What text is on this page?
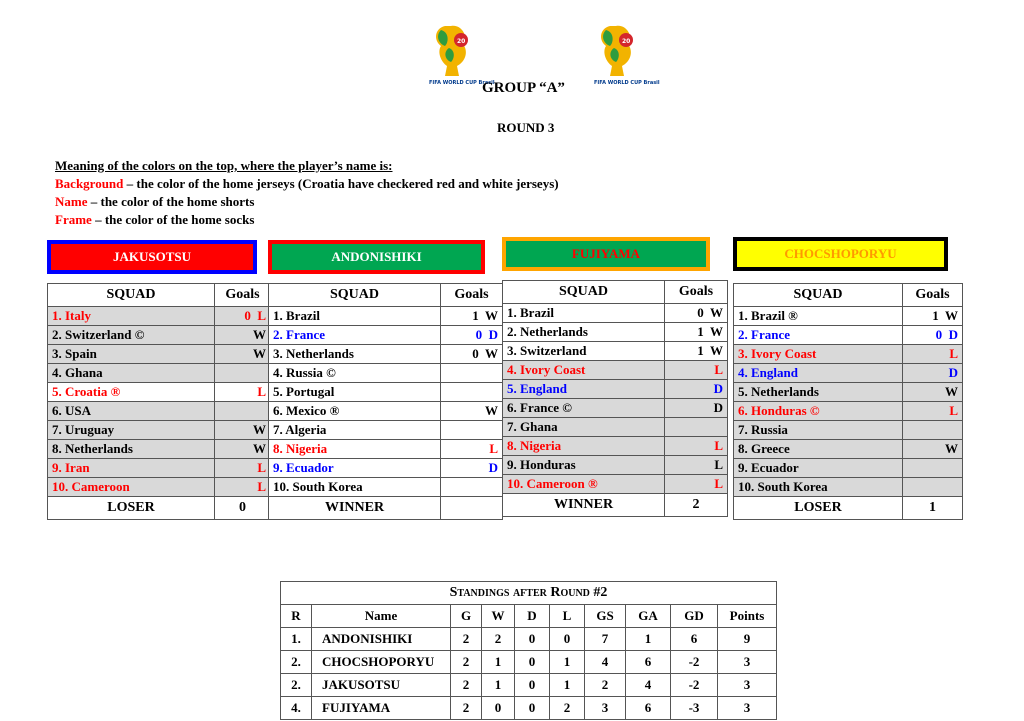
20
FIFA WORLD CUP Brasil
20
FIFA WORLD CUP Brasil
GROUP “A”
ROUND 3
Meaning of the colors on the top, where the player’s name is:
Background – the color of the home jerseys (Croatia have checkered red and white jerseys)
Name – the color of the home shorts
Frame – the color of the home socks
JAKUSOTSU
SQUAD	Goals
1. Italy	0  L
2. Switzerland ©	W
3. Spain	W
4. Ghana	
5. Croatia ®	L
6. USA	
7. Uruguay	W
8. Netherlands	W
9. Iran	L
10. Cameroon	L
LOSER	0
ANDONISHIKI
SQUAD	Goals
1. Brazil	1  W
2. France	0  D
3. Netherlands	0  W
4. Russia ©	
5. Portugal	
6. Mexico ®	W
7. Algeria	
8. Nigeria	L
9. Ecuador	D
10. South Korea	
WINNER	
FUJIYAMA
SQUAD	Goals
1. Brazil	0  W
2. Netherlands	1  W
3. Switzerland	1  W
4. Ivory Coast	L
5. England	D
6. France ©	D
7. Ghana	
8. Nigeria	L
9. Honduras	L
10. Cameroon ®	L
WINNER	2
CHOCSHOPORYU
SQUAD	Goals
1. Brazil ®	1  W
2. France	0  D
3. Ivory Coast	L
4. England	D
5. Netherlands	W
6. Honduras ©	L
7. Russia	
8. Greece	W
9. Ecuador	
10. South Korea	
LOSER	1
Standings after Round #2									
R	Name	G	W	D	L	GS	GA	GD	Points
1.	ANDONISHIKI	2	2	0	0	7	1	6	9
2.	CHOCSHOPORYU	2	1	0	1	4	6	-2	3
2.	JAKUSOTSU	2	1	0	1	2	4	-2	3
4.	FUJIYAMA	2	0	0	2	3	6	-3	3
